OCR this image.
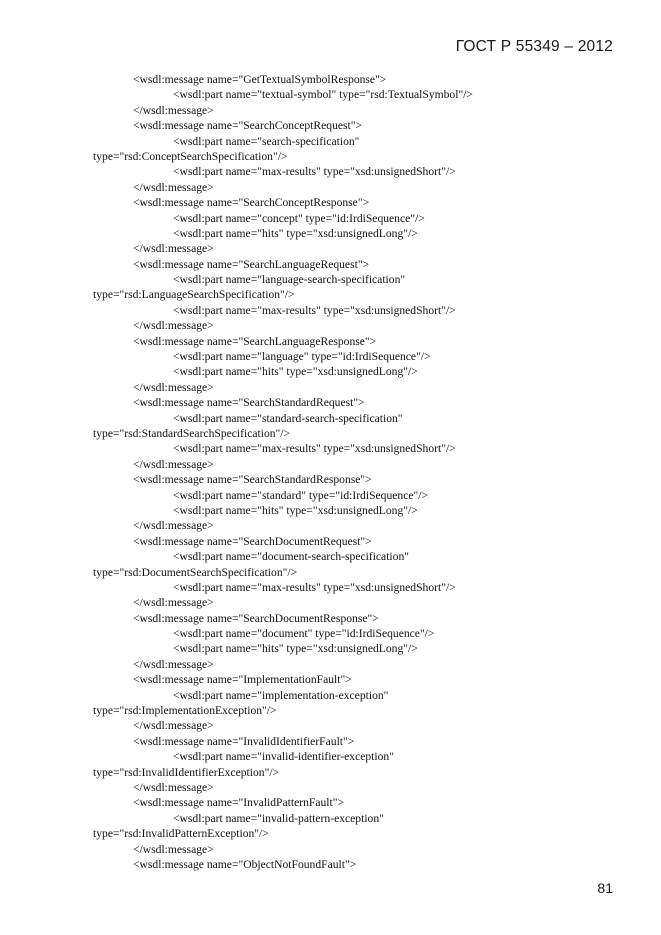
ГОСТ Р 55349 – 2012
<wsdl:message name="GetTextualSymbolResponse">
<wsdl:part name="textual-symbol" type="rsd:TextualSymbol"/>
</wsdl:message>
<wsdl:message name="SearchConceptRequest">
<wsdl:part name="search-specification"
type="rsd:ConceptSearchSpecification"/>
<wsdl:part name="max-results" type="xsd:unsignedShort"/>
</wsdl:message>
<wsdl:message name="SearchConceptResponse">
<wsdl:part name="concept" type="id:IrdiSequence"/>
<wsdl:part name="hits" type="xsd:unsignedLong"/>
</wsdl:message>
<wsdl:message name="SearchLanguageRequest">
<wsdl:part name="language-search-specification"
type="rsd:LanguageSearchSpecification"/>
<wsdl:part name="max-results" type="xsd:unsignedShort"/>
</wsdl:message>
<wsdl:message name="SearchLanguageResponse">
<wsdl:part name="language" type="id:IrdiSequence"/>
<wsdl:part name="hits" type="xsd:unsignedLong"/>
</wsdl:message>
<wsdl:message name="SearchStandardRequest">
<wsdl:part name="standard-search-specification"
type="rsd:StandardSearchSpecification"/>
<wsdl:part name="max-results" type="xsd:unsignedShort"/>
</wsdl:message>
<wsdl:message name="SearchStandardResponse">
<wsdl:part name="standard" type="id:IrdiSequence"/>
<wsdl:part name="hits" type="xsd:unsignedLong"/>
</wsdl:message>
<wsdl:message name="SearchDocumentRequest">
<wsdl:part name="document-search-specification"
type="rsd:DocumentSearchSpecification"/>
<wsdl:part name="max-results" type="xsd:unsignedShort"/>
</wsdl:message>
<wsdl:message name="SearchDocumentResponse">
<wsdl:part name="document" type="id:IrdiSequence"/>
<wsdl:part name="hits" type="xsd:unsignedLong"/>
</wsdl:message>
<wsdl:message name="ImplementationFault">
<wsdl:part name="implementation-exception"
type="rsd:ImplementationException"/>
</wsdl:message>
<wsdl:message name="InvalidIdentifierFault">
<wsdl:part name="invalid-identifier-exception"
type="rsd:InvalidIdentifierException"/>
</wsdl:message>
<wsdl:message name="InvalidPatternFault">
<wsdl:part name="invalid-pattern-exception"
type="rsd:InvalidPatternException"/>
</wsdl:message>
<wsdl:message name="ObjectNotFoundFault">
81
